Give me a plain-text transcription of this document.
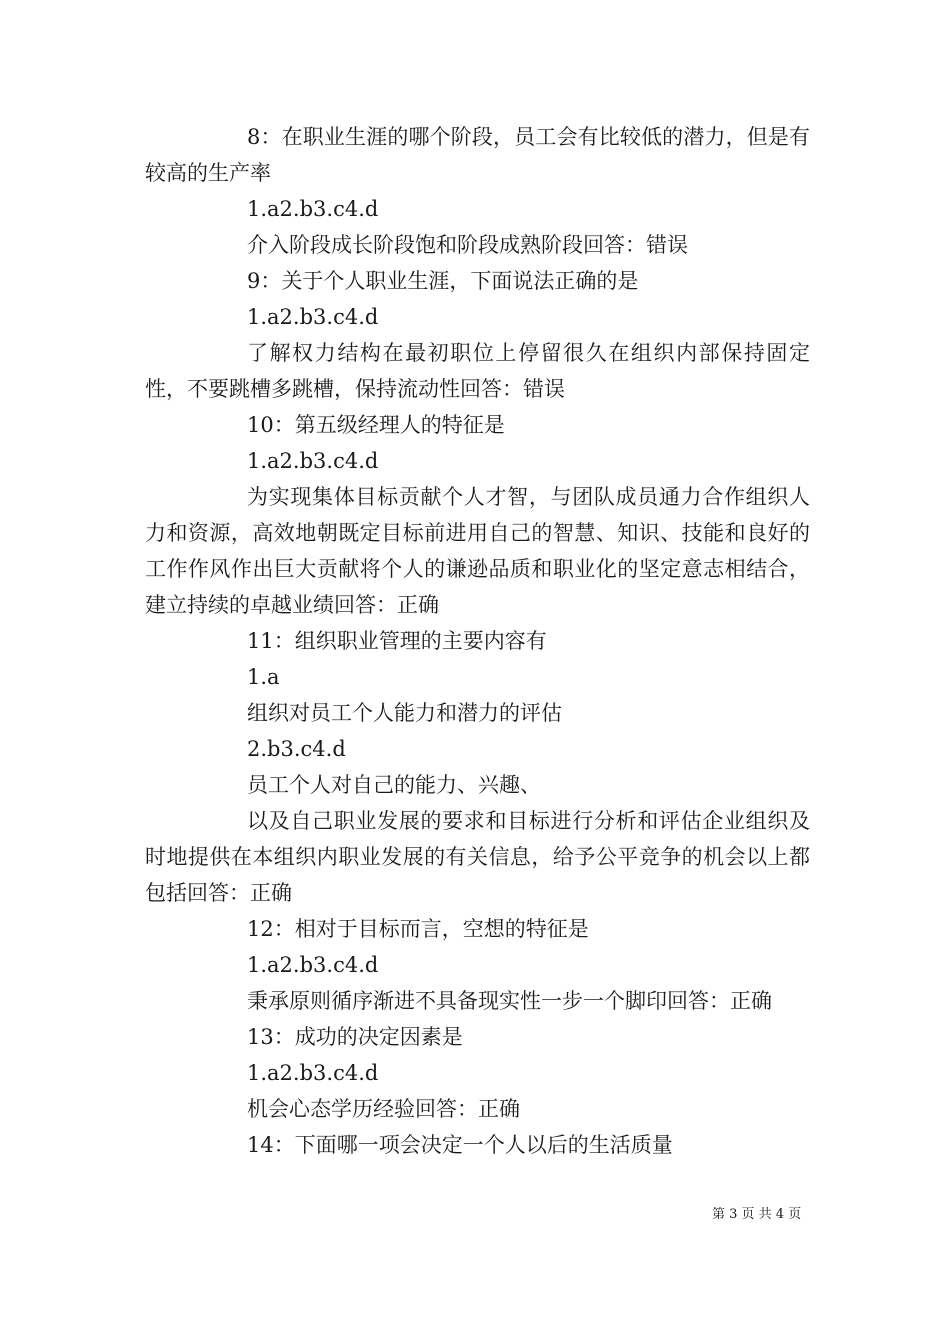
8：在职业生涯的哪个阶段，员工会有比较低的潜力，但是有较高的生产率

1.a2.b3.c4.d

介入阶段成长阶段饱和阶段成熟阶段回答：错误

9：关于个人职业生涯，下面说法正确的是

1.a2.b3.c4.d

了解权力结构在最初职位上停留很久在组织内部保持固定性，不要跳槽多跳槽，保持流动性回答：错误

10：第五级经理人的特征是

1.a2.b3.c4.d

为实现集体目标贡献个人才智，与团队成员通力合作组织人力和资源，高效地朝既定目标前进用自己的智慧、知识、技能和良好的工作作风作出巨大贡献将个人的谦逊品质和职业化的坚定意志相结合，建立持续的卓越业绩回答：正确

11：组织职业管理的主要内容有

1.a

组织对员工个人能力和潜力的评估

2.b3.c4.d

员工个人对自己的能力、兴趣、

以及自己职业发展的要求和目标进行分析和评估企业组织及时地提供在本组织内职业发展的有关信息，给予公平竞争的机会以上都包括回答：正确

12：相对于目标而言，空想的特征是

1.a2.b3.c4.d

秉承原则循序渐进不具备现实性一步一个脚印回答：正确

13：成功的决定因素是

1.a2.b3.c4.d

机会心态学历经验回答：正确

14：下面哪一项会决定一个人以后的生活质量

第 3 页 共 4 页
